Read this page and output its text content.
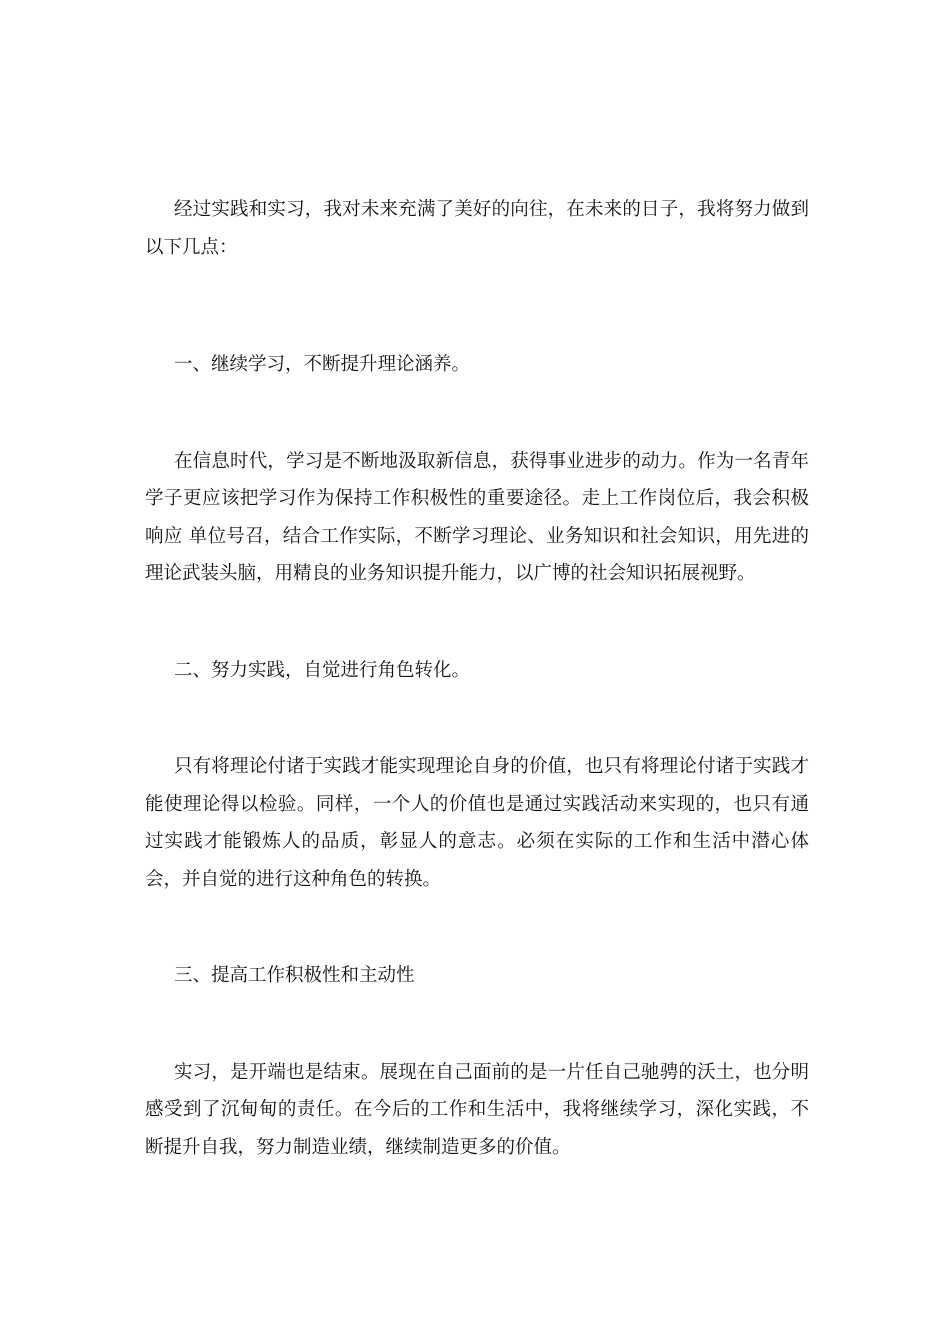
经过实践和实习，我对未来充满了美好的向往，在未来的日子，我将努力做到以下几点：

一、继续学习，不断提升理论涵养。

在信息时代，学习是不断地汲取新信息，获得事业进步的动力。作为一名青年学子更应该把学习作为保持工作积极性的重要途径。走上工作岗位后，我会积极响应 单位号召，结合工作实际，不断学习理论、业务知识和社会知识，用先进的理论武装头脑，用精良的业务知识提升能力，以广博的社会知识拓展视野。

二、努力实践，自觉进行角色转化。

只有将理论付诸于实践才能实现理论自身的价值，也只有将理论付诸于实践才能使理论得以检验。同样，一个人的价值也是通过实践活动来实现的，也只有通过实践才能锻炼人的品质，彰显人的意志。必须在实际的工作和生活中潜心体会，并自觉的进行这种角色的转换。

三、提高工作积极性和主动性

实习，是开端也是结束。展现在自己面前的是一片任自己驰骋的沃土，也分明感受到了沉甸甸的责任。在今后的工作和生活中，我将继续学习，深化实践，不断提升自我，努力制造业绩，继续制造更多的价值。
